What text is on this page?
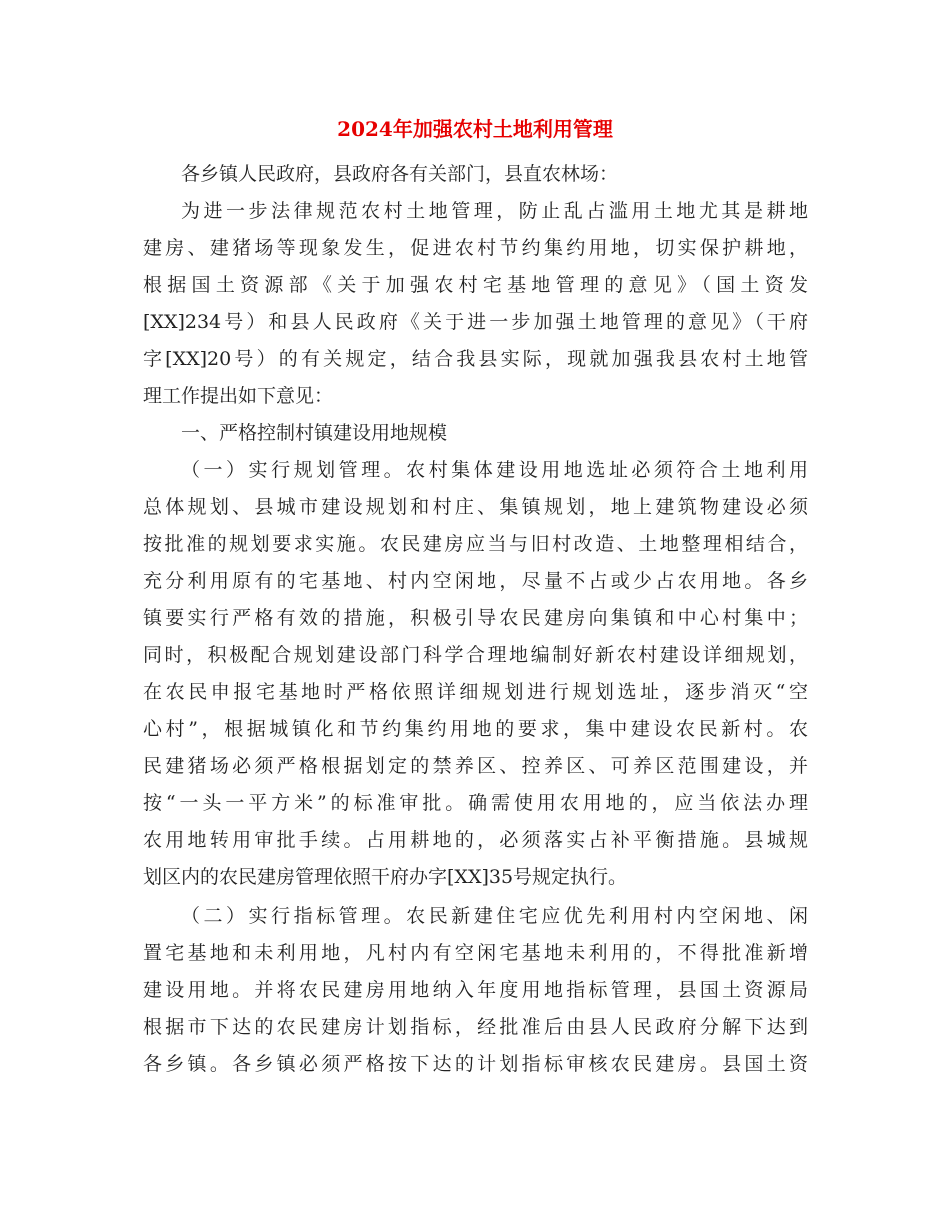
2024年加强农村土地利用管理
各乡镇人民政府，县政府各有关部门，县直农林场：
为进一步法律规范农村土地管理，防止乱占滥用土地尤其是耕地
建房、建猪场等现象发生，促进农村节约集约用地，切实保护耕地，
根据国土资源部《关于加强农村宅基地管理的意见》（国土资发
[XX]234号）和县人民政府《关于进一步加强土地管理的意见》（干府
字[XX]20号）的有关规定，结合我县实际，现就加强我县农村土地管
理工作提出如下意见：
一、严格控制村镇建设用地规模
（一）实行规划管理。农村集体建设用地选址必须符合土地利用
总体规划、县城市建设规划和村庄、集镇规划，地上建筑物建设必须
按批准的规划要求实施。农民建房应当与旧村改造、土地整理相结合，
充分利用原有的宅基地、村内空闲地，尽量不占或少占农用地。各乡
镇要实行严格有效的措施，积极引导农民建房向集镇和中心村集中；
同时，积极配合规划建设部门科学合理地编制好新农村建设详细规划，
在农民申报宅基地时严格依照详细规划进行规划选址，逐步消灭“空
心村”，根据城镇化和节约集约用地的要求，集中建设农民新村。农
民建猪场必须严格根据划定的禁养区、控养区、可养区范围建设，并
按“一头一平方米”的标准审批。确需使用农用地的，应当依法办理
农用地转用审批手续。占用耕地的，必须落实占补平衡措施。县城规
划区内的农民建房管理依照干府办字[XX]35号规定执行。
（二）实行指标管理。农民新建住宅应优先利用村内空闲地、闲
置宅基地和未利用地，凡村内有空闲宅基地未利用的，不得批准新增
建设用地。并将农民建房用地纳入年度用地指标管理，县国土资源局
根据市下达的农民建房计划指标，经批准后由县人民政府分解下达到
各乡镇。各乡镇必须严格按下达的计划指标审核农民建房。县国土资
